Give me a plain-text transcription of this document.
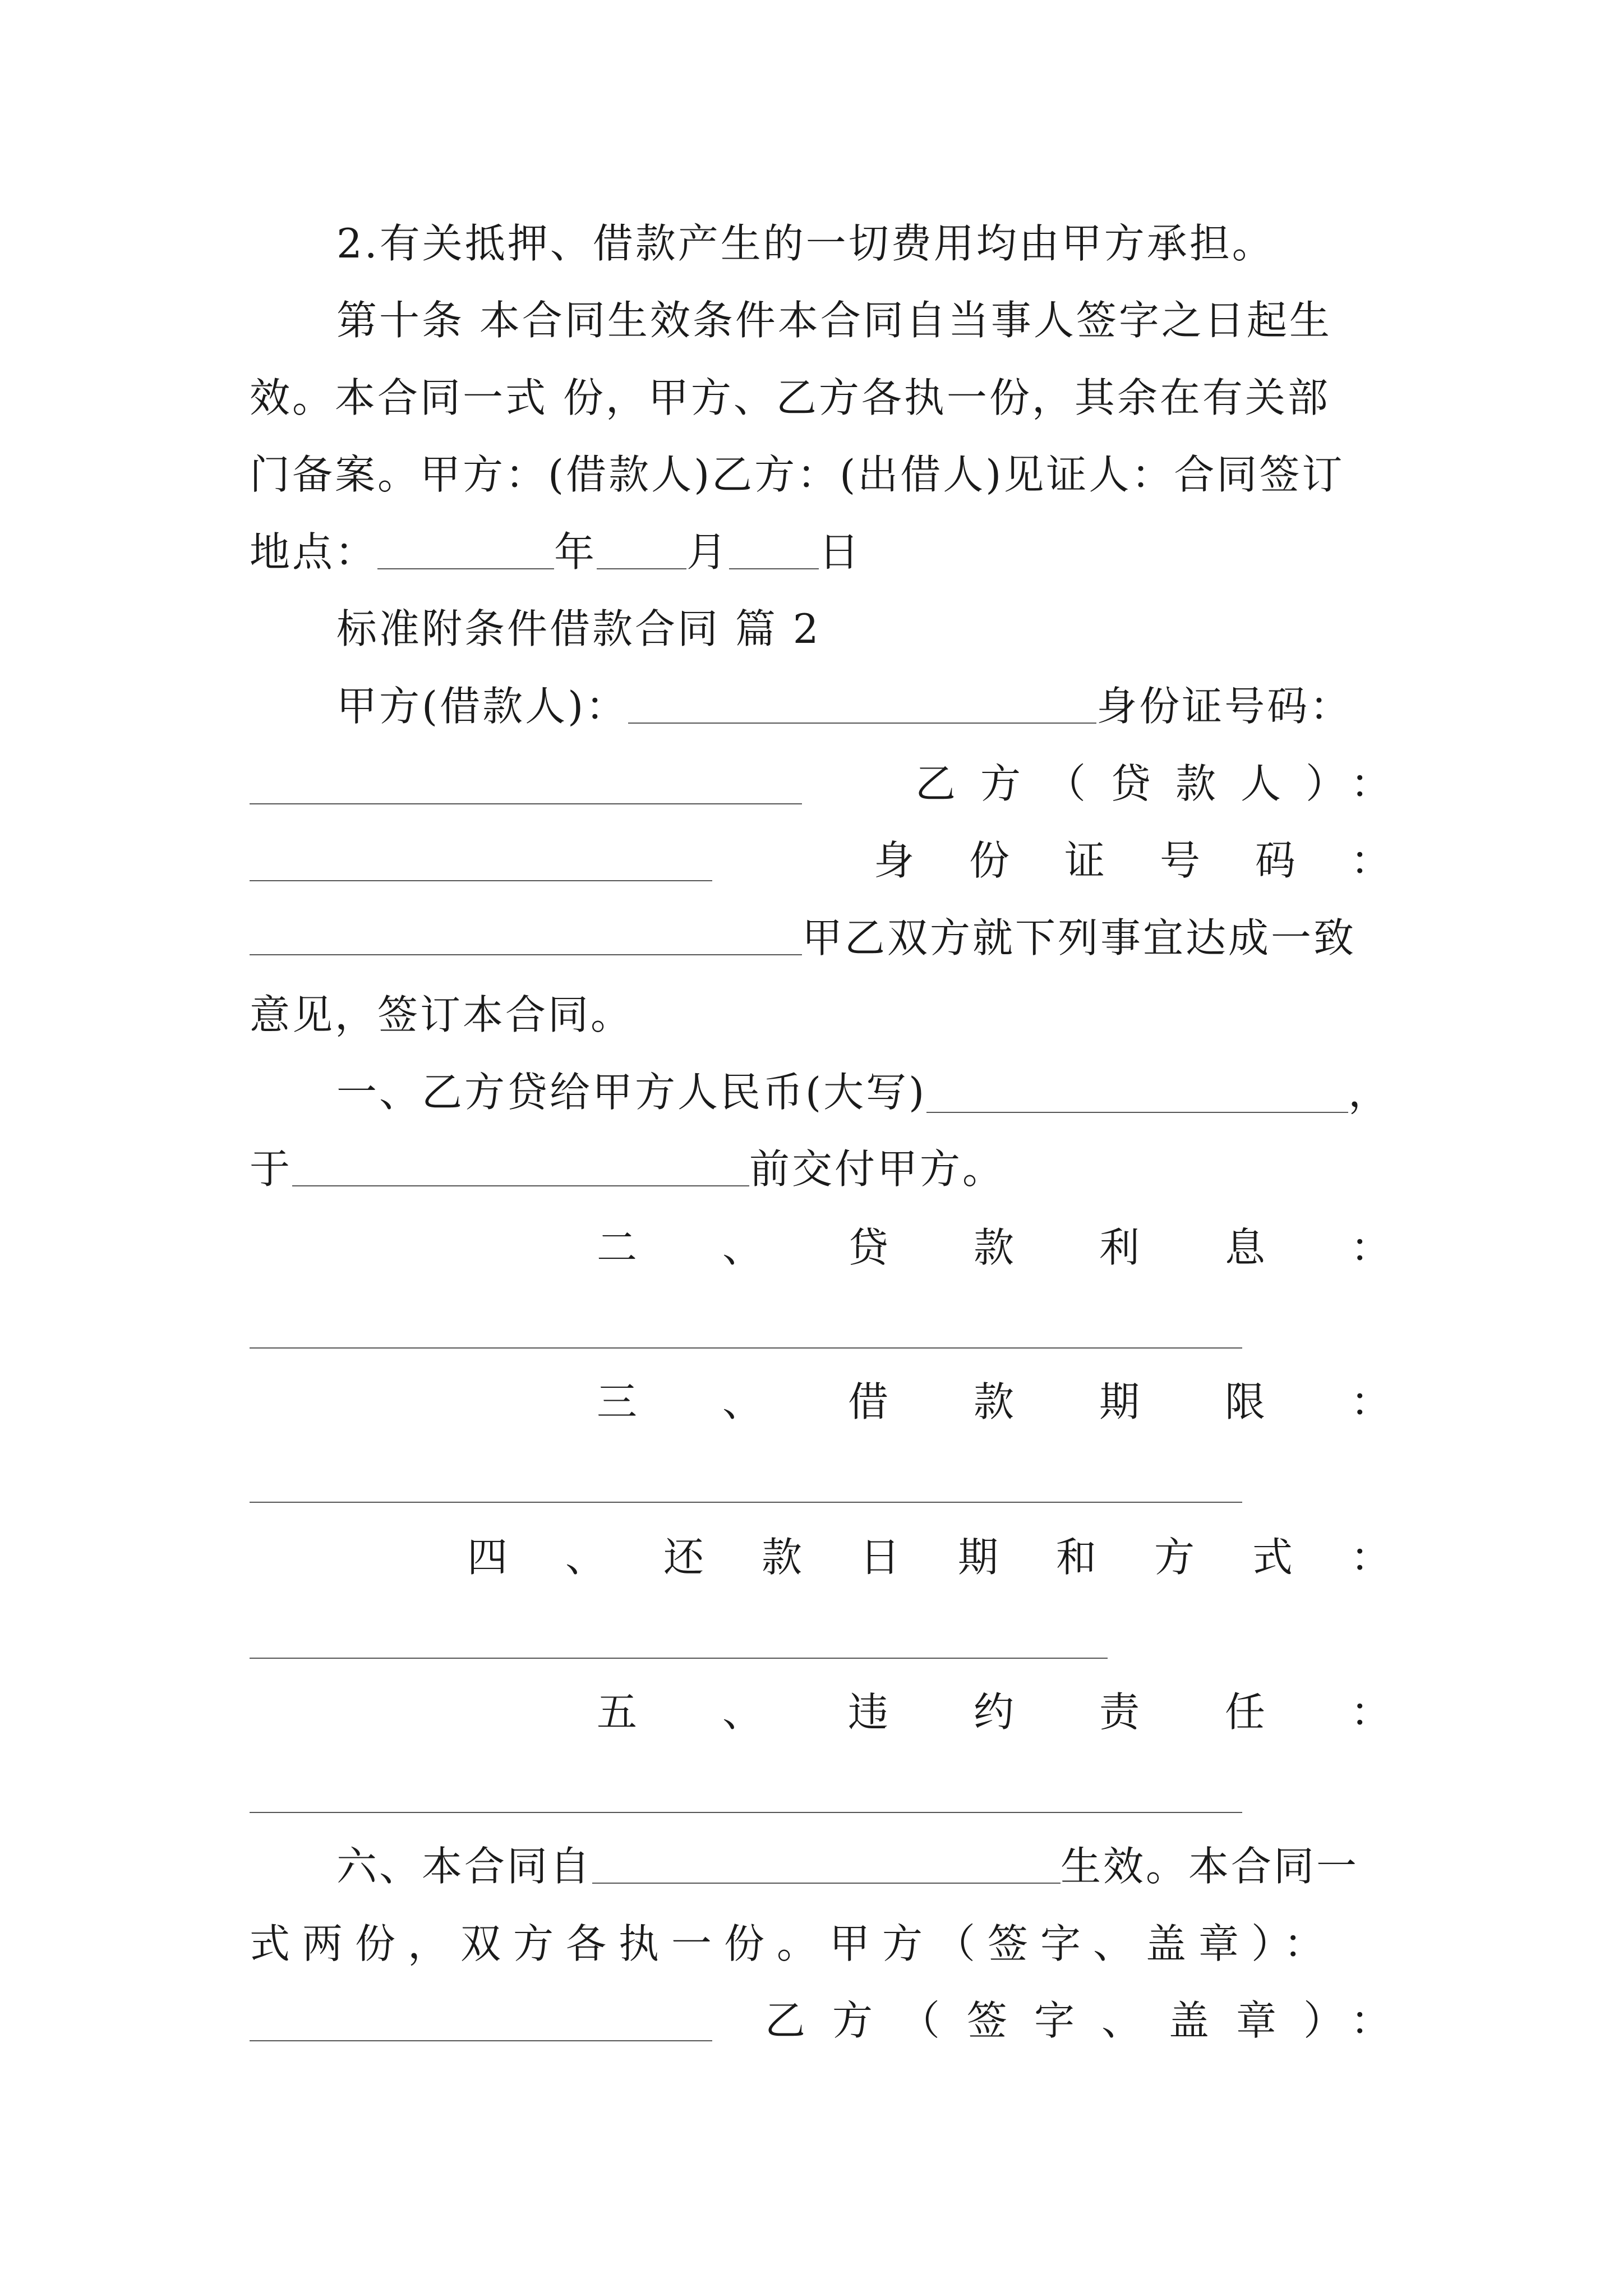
2.有关抵押、借款产生的一切费用均由甲方承担。
第十条 本合同生效条件本合同自当事人签字之日起生
效。本合同一式 份，甲方、乙方各执一份，其余在有关部
门备案。甲方：(借款人)乙方：(出借人)见证人：合同签订
地点：	年 月 日
标准附条件借款合同 篇 2
甲方(借款人)：	身份证号码：
乙方（贷款人）：
身份证号码：
甲乙双方就下列事宜达成一致
意见，签订本合同。
一、乙方贷给甲方人民币(大写)	，
于	前交付甲方。
二、贷款利息：
三、借款期限：
四、还款日期和方式：
五、违约责任：
六、本合同自	生效。本合同一
式两份，双方各执一份。甲方（签字、盖章）：
乙方（签字、盖章）：
